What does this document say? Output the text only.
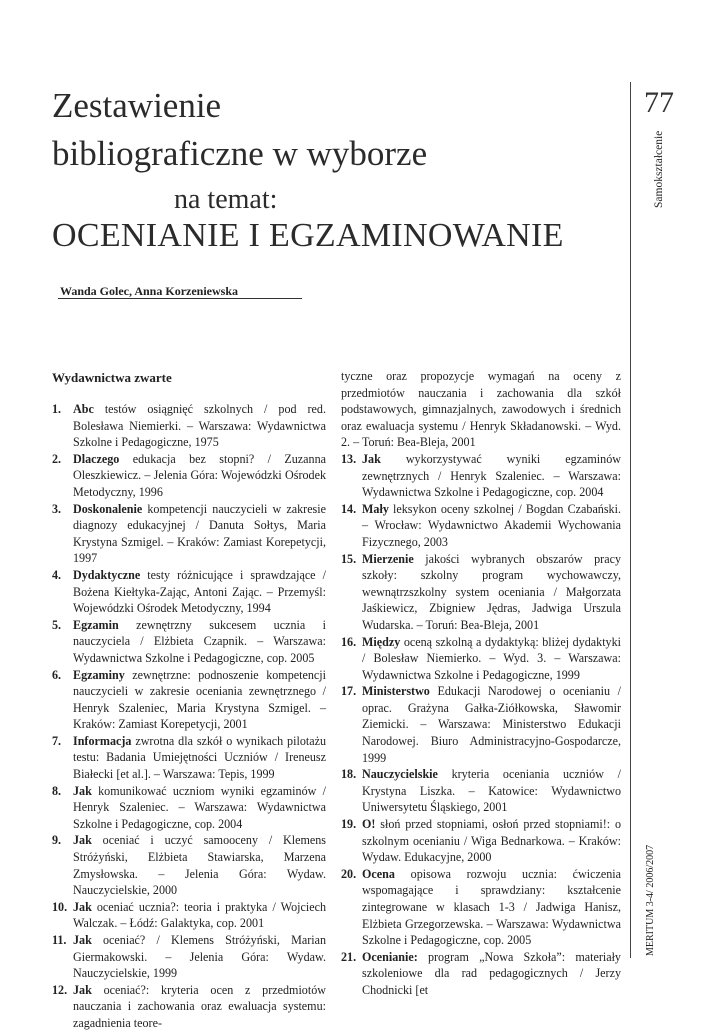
Zestawienie
bibliograficzne w wyborze
na temat:
OCENIANIE I EGZAMINOWANIE
Wanda Golec, Anna Korzeniewska
77
Samokształcenie
MERITUM 3-4/ 2006/2007
Wydawnictwa zwarte
1. Abc testów osiągnięć szkolnych / pod red. Bolesława Niemierki. – Warszawa: Wydawnictwa Szkolne i Pedagogiczne, 1975
2. Dlaczego edukacja bez stopni? / Zuzanna Oleszkiewicz. – Jelenia Góra: Wojewódzki Ośrodek Metodyczny, 1996
3. Doskonalenie kompetencji nauczycieli w zakresie diagnozy edukacyjnej / Danuta Sołtys, Maria Krystyna Szmigel. – Kraków: Zamiast Korepetycji, 1997
4. Dydaktyczne testy różnicujące i sprawdzające / Bożena Kiełtyka-Zając, Antoni Zając. – Przemyśl: Wojewódzki Ośrodek Metodyczny, 1994
5. Egzamin zewnętrzny sukcesem ucznia i nauczyciela / Elżbieta Czapnik. – Warszawa: Wydawnictwa Szkolne i Pedagogiczne, cop. 2005
6. Egzaminy zewnętrzne: podnoszenie kompetencji nauczycieli w zakresie oceniania zewnętrznego / Henryk Szaleniec, Maria Krystyna Szmigel. – Kraków: Zamiast Korepetycji, 2001
7. Informacja zwrotna dla szkół o wynikach pilotażu testu: Badania Umiejętności Uczniów / Ireneusz Białecki [et al.]. – Warszawa: Tepis, 1999
8. Jak komunikować uczniom wyniki egzaminów / Henryk Szaleniec. – Warszawa: Wydawnictwa Szkolne i Pedagogiczne, cop. 2004
9. Jak oceniać i uczyć samooceny / Klemens Stróżyński, Elżbieta Stawiarska, Marzena Zmysłowska. – Jelenia Góra: Wydaw. Nauczycielskie, 2000
10. Jak oceniać ucznia?: teoria i praktyka / Wojciech Walczak. – Łódź: Galaktyka, cop. 2001
11. Jak oceniać? / Klemens Stróżyński, Marian Giermakowski. – Jelenia Góra: Wydaw. Nauczycielskie, 1999
12. Jak oceniać?: kryteria ocen z przedmiotów nauczania i zachowania oraz ewaluacja systemu: zagadnienia teore-
tyczne oraz propozycje wymagań na oceny z przedmiotów nauczania i zachowania dla szkół podstawowych, gimnazjalnych, zawodowych i średnich oraz ewaluacja systemu / Henryk Składanowski. – Wyd. 2. – Toruń: Bea-Bleja, 2001
13. Jak wykorzystywać wyniki egzaminów zewnętrznych / Henryk Szaleniec. – Warszawa: Wydawnictwa Szkolne i Pedagogiczne, cop. 2004
14. Mały leksykon oceny szkolnej / Bogdan Czabański. – Wrocław: Wydawnictwo Akademii Wychowania Fizycznego, 2003
15. Mierzenie jakości wybranych obszarów pracy szkoły: szkolny program wychowawczy, wewnątrzszkolny system oceniania / Małgorzata Jaśkiewicz, Zbigniew Jędras, Jadwiga Urszula Wudarska. – Toruń: Bea-Bleja, 2001
16. Między oceną szkolną a dydaktyką: bliżej dydaktyki / Bolesław Niemierko. – Wyd. 3. – Warszawa: Wydawnictwa Szkolne i Pedagogiczne, 1999
17. Ministerstwo Edukacji Narodowej o ocenianiu / oprac. Grażyna Gałka-Ziółkowska, Sławomir Ziemicki. – Warszawa: Ministerstwo Edukacji Narodowej. Biuro Administracyjno-Gospodarcze, 1999
18. Nauczycielskie kryteria oceniania uczniów / Krystyna Liszka. – Katowice: Wydawnictwo Uniwersytetu Śląskiego, 2001
19. O! słoń przed stopniami, osłoń przed stopniami!: o szkolnym ocenianiu / Wiga Bednarkowa. – Kraków: Wydaw. Edukacyjne, 2000
20. Ocena opisowa rozwoju ucznia: ćwiczenia wspomagające i sprawdziany: kształcenie zintegrowane w klasach 1-3 / Jadwiga Hanisz, Elżbieta Grzegorzewska. – Warszawa: Wydawnictwa Szkolne i Pedagogiczne, cop. 2005
21. Ocenianie: program „Nowa Szkoła”: materiały szkoleniowe dla rad pedagogicznych / Jerzy Chodnicki [et
